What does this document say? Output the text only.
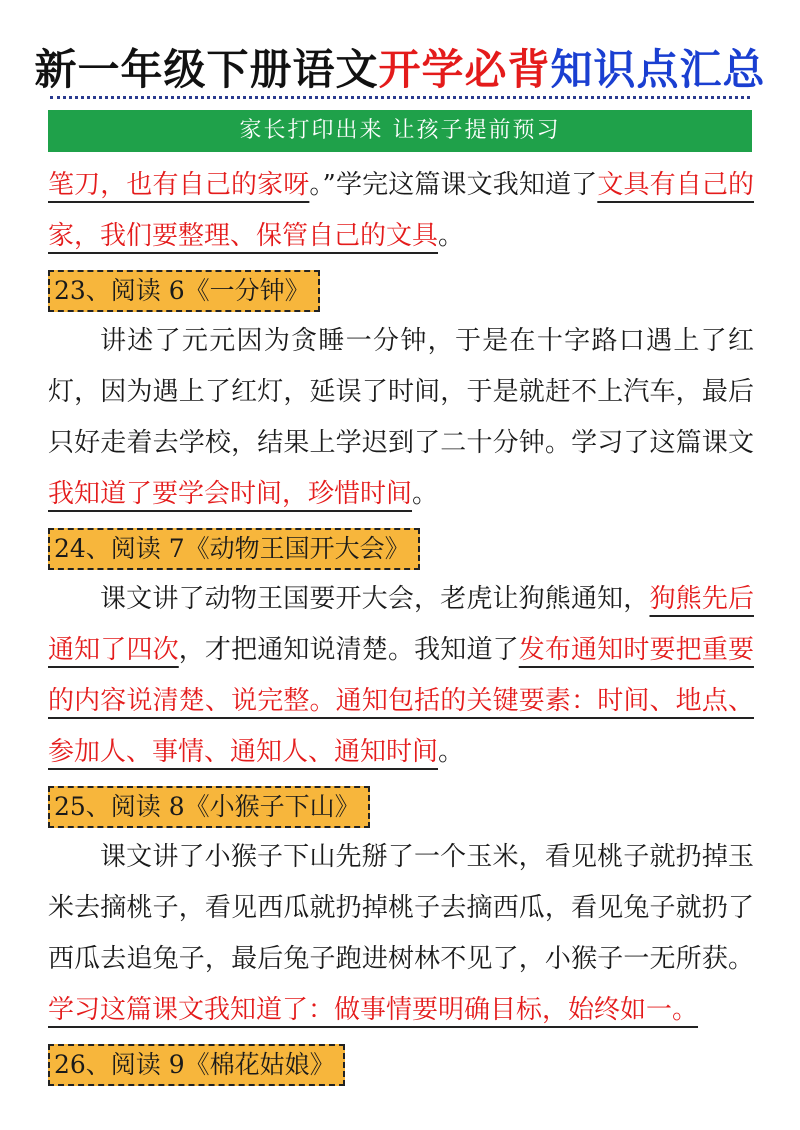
新一年级下册语文开学必背知识点汇总
家长打印出来 让孩子提前预习

笔刀，也有自己的家呀。”学完这篇课文我知道了文具有自己的家，我们要整理、保管自己的文具。

23、阅读 6《一分钟》

讲述了元元因为贪睡一分钟，于是在十字路口遇上了红灯，因为遇上了红灯，延误了时间，于是就赶不上汽车，最后只好走着去学校，结果上学迟到了二十分钟。学习了这篇课文我知道了要学会时间，珍惜时间。

24、阅读 7《动物王国开大会》

课文讲了动物王国要开大会，老虎让狗熊通知，狗熊先后通知了四次，才把通知说清楚。我知道了发布通知时要把重要的内容说清楚、说完整。通知包括的关键要素：时间、地点、参加人、事情、通知人、通知时间。

25、阅读 8《小猴子下山》

课文讲了小猴子下山先掰了一个玉米，看见桃子就扔掉玉米去摘桃子，看见西瓜就扔掉桃子去摘西瓜，看见兔子就扔了西瓜去追兔子，最后兔子跑进树林不见了，小猴子一无所获。学习这篇课文我知道了：做事情要明确目标，始终如一。

26、阅读 9《棉花姑娘》
